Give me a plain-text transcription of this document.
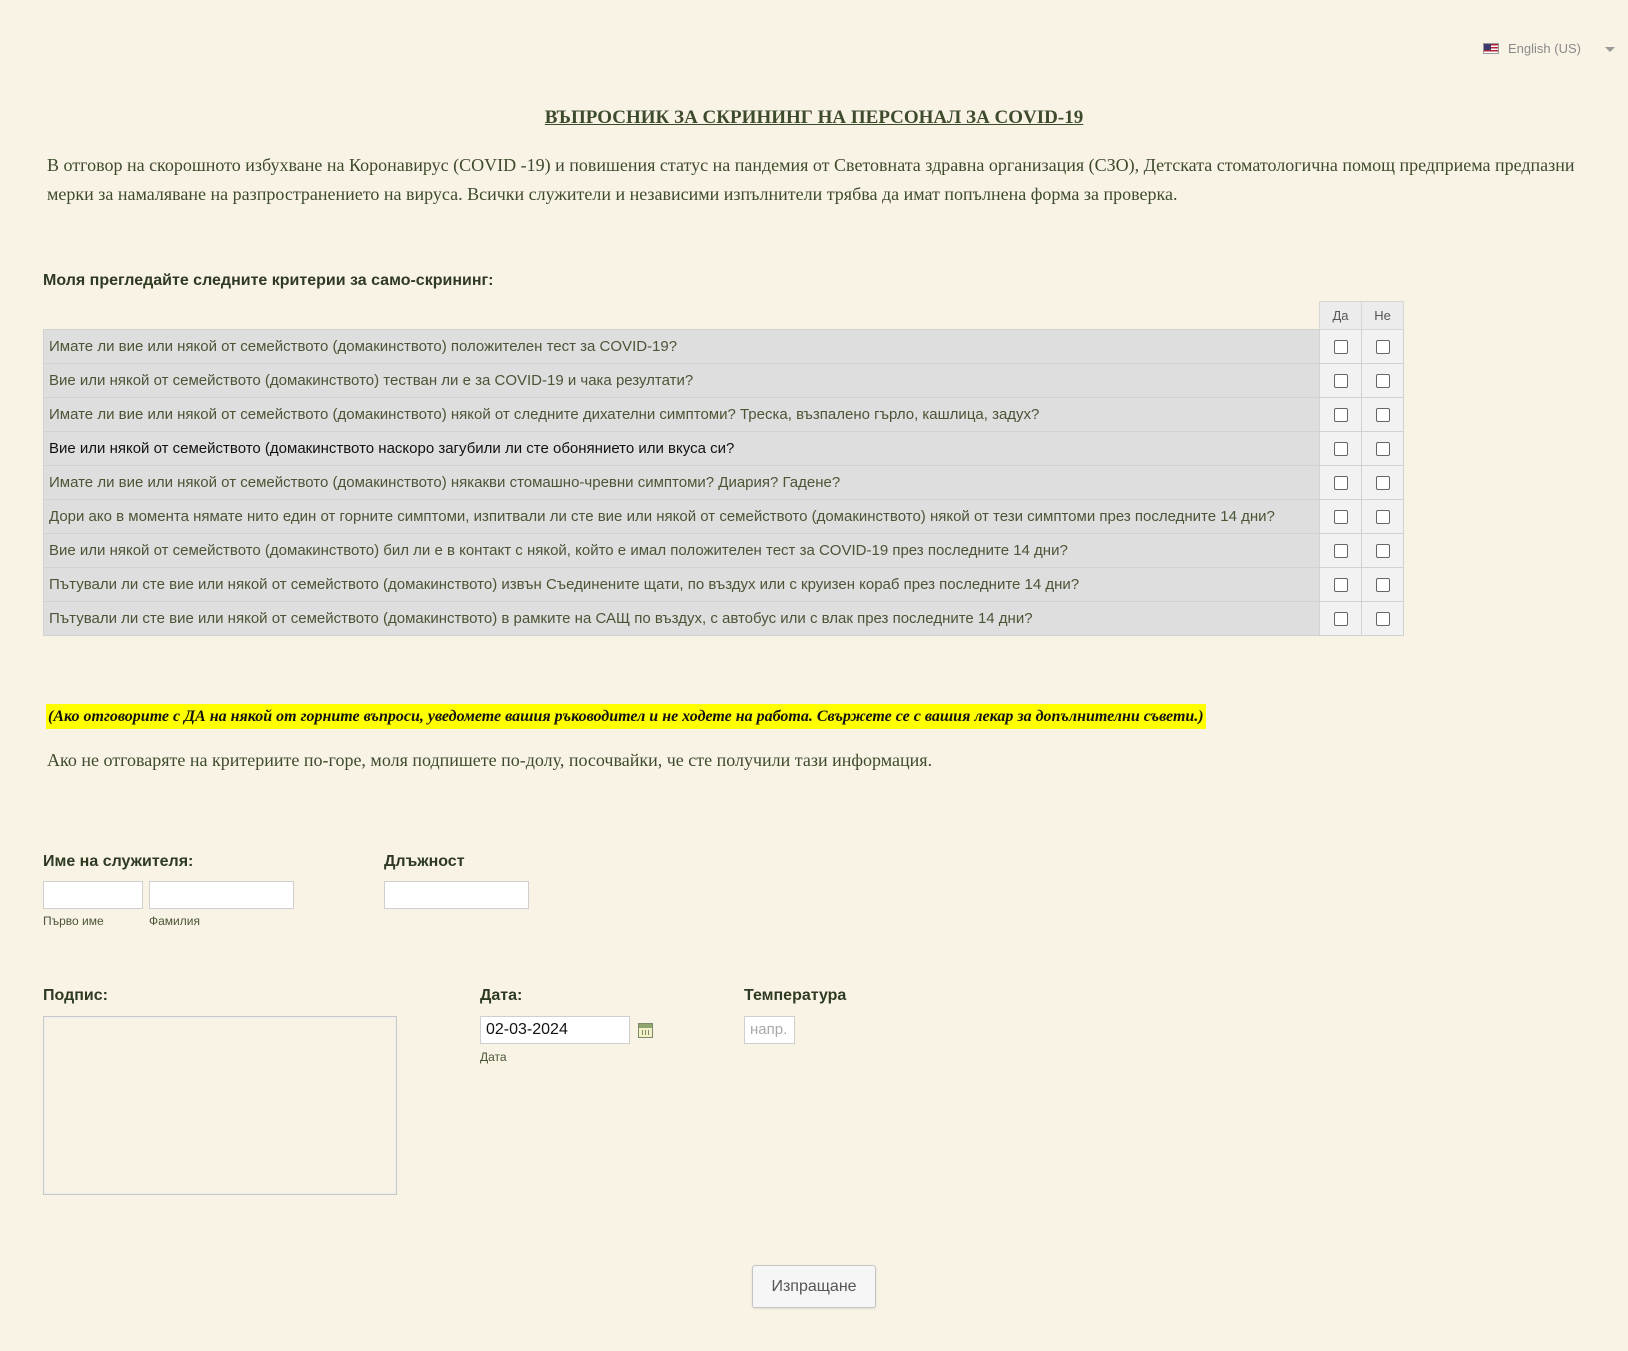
English (US)
ВЪПРОСНИК ЗА СКРИНИНГ НА ПЕРСОНАЛ ЗА COVID-19
В отговор на скорошното избухване на Коронавирус (COVID -19) и повишения статус на пандемия от Световната здравна организация (СЗО), Детската стоматологична помощ предприема предпазни мерки за намаляване на разпространението на вируса. Всички служители и независими изпълнители трябва да имат попълнена форма за проверка.
Моля прегледайте следните критерии за само-скрининг:
	Да	Не
Имате ли вие или някой от семейството (домакинството) положителен тест за COVID-19?		
Вие или някой от семейството (домакинството) тестван ли е за COVID-19 и чака резултати?		
Имате ли вие или някой от семейството (домакинството) някой от следните дихателни симптоми? Треска, възпалено гърло, кашлица, задух?		
Вие или някой от семейството (домакинството наскоро загубили ли сте обонянието или вкуса си?		
Имате ли вие или някой от семейството (домакинството) някакви стомашно-чревни симптоми? Диария? Гадене?		
Дори ако в момента нямате нито един от горните симптоми, изпитвали ли сте вие или някой от семейството (домакинството) някой от тези симптоми през последните 14 дни?		
Вие или някой от семейството (домакинството) бил ли е в контакт с някой, който е имал положителен тест за COVID-19 през последните 14 дни?		
Пътували ли сте вие или някой от семейството (домакинството) извън Съединените щати, по въздух или с круизен кораб през последните 14 дни?		
Пътували ли сте вие или някой от семейството (домакинството) в рамките на САЩ по въздух, с автобус или с влак през последните 14 дни?		
(Ако отговорите с ДА на някой от горните въпроси, уведомете вашия ръководител и не ходете на работа. Свържете се с вашия лекар за допълнителни съвети.)
Ако не отговаряте на критериите по-горе, моля подпишете по-долу, посочвайки, че сте получили тази информация.
Име на служителя:
Първо име	Фамилия
Длъжност
Подпис:	Дата:
02-03-2024
Дата
Температура
напр.
Изпращане
